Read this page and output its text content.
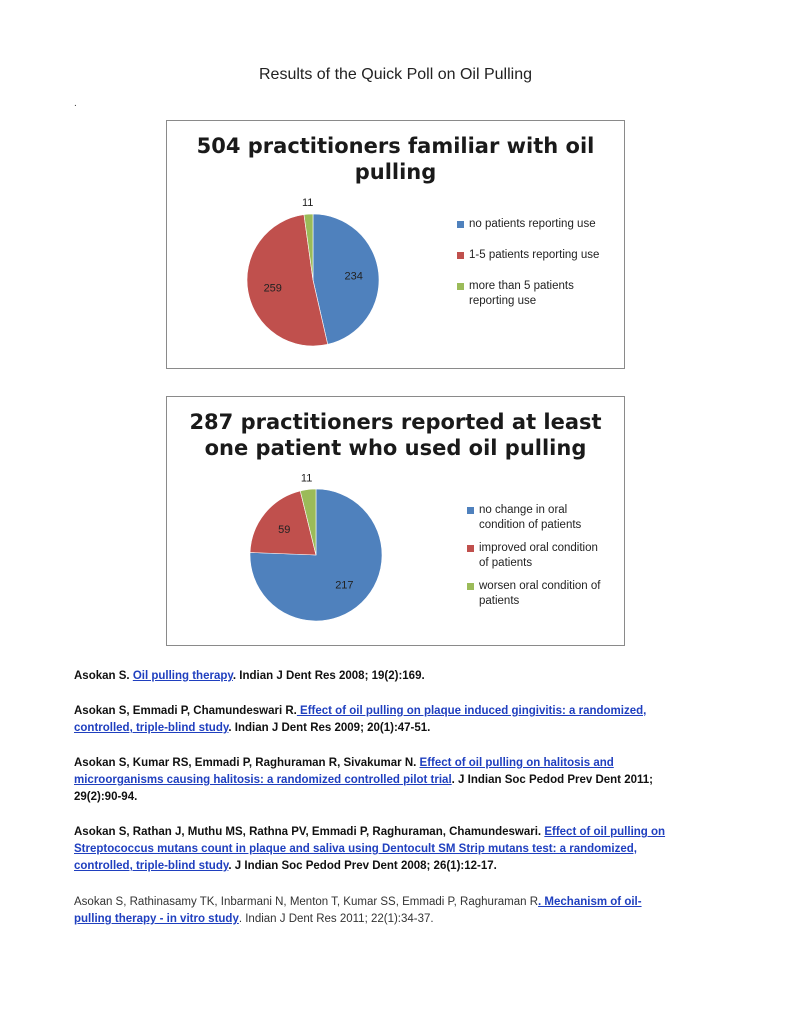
Results of the Quick Poll on Oil Pulling
.
504 practitioners familiar with oil
pulling
234
259
11
no patients reporting use
1-5 patients reporting use
more than 5 patients
reporting use
287 practitioners reported at least
one patient who used oil pulling
217
59
11
no change in oral
condition of patients
improved oral condition
of patients
worsen oral condition of
patients
Asokan S. Oil pulling therapy. Indian J Dent Res 2008; 19(2):169.
Asokan S, Emmadi P, Chamundeswari R. Effect of oil pulling on plaque induced gingivitis: a randomized,
controlled, triple-blind study. Indian J Dent Res 2009; 20(1):47-51.
Asokan S, Kumar RS, Emmadi P, Raghuraman R, Sivakumar N. Effect of oil pulling on halitosis and
microorganisms causing halitosis: a randomized controlled pilot trial. J Indian Soc Pedod Prev Dent 2011;
29(2):90-94.
Asokan S, Rathan J, Muthu MS, Rathna PV, Emmadi P, Raghuraman, Chamundeswari. Effect of oil pulling on
Streptococcus mutans count in plaque and saliva using Dentocult SM Strip mutans test: a randomized,
controlled, triple-blind study. J Indian Soc Pedod Prev Dent 2008; 26(1):12-17.
Asokan S, Rathinasamy TK, Inbarmani N, Menton T, Kumar SS, Emmadi P, Raghuraman R. Mechanism of oil-
pulling therapy - in vitro study. Indian J Dent Res 2011; 22(1):34-37.
